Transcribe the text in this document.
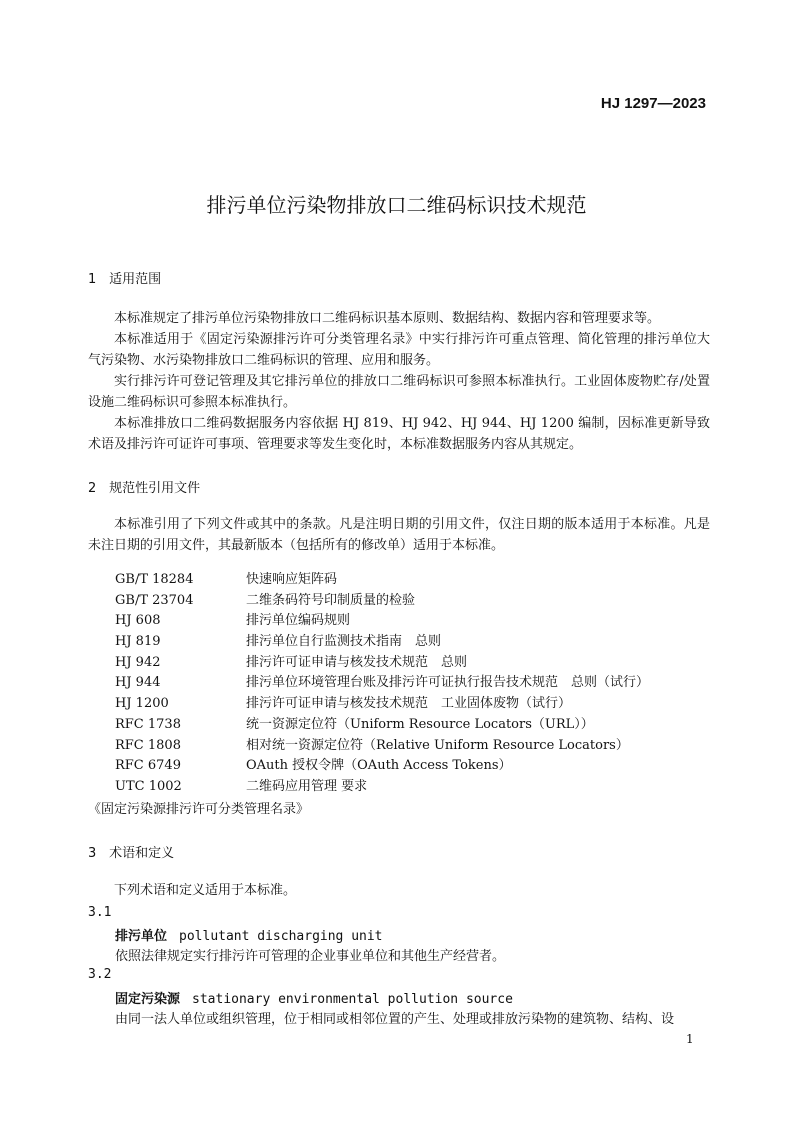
HJ 1297—2023
排污单位污染物排放口二维码标识技术规范
1 适用范围

本标准规定了排污单位污染物排放口二维码标识基本原则、数据结构、数据内容和管理要求等。

本标准适用于《固定污染源排污许可分类管理名录》中实行排污许可重点管理、简化管理的排污单位大气污染物、水污染物排放口二维码标识的管理、应用和服务。

实行排污许可登记管理及其它排污单位的排放口二维码标识可参照本标准执行。工业固体废物贮存/处置设施二维码标识可参照本标准执行。

本标准排放口二维码数据服务内容依据 HJ 819、HJ 942、HJ 944、HJ 1200 编制，因标准更新导致术语及排污许可证许可事项、管理要求等发生变化时，本标准数据服务内容从其规定。

2 规范性引用文件

本标准引用了下列文件或其中的条款。凡是注明日期的引用文件，仅注日期的版本适用于本标准。凡是未注日期的引用文件，其最新版本（包括所有的修改单）适用于本标准。

GB/T 18284	快速响应矩阵码
GB/T 23704	二维条码符号印制质量的检验
HJ 608	排污单位编码规则
HJ 819	排污单位自行监测技术指南　总则
HJ 942	排污许可证申请与核发技术规范　总则
HJ 944	排污单位环境管理台账及排污许可证执行报告技术规范　总则（试行）
HJ 1200	排污许可证申请与核发技术规范　工业固体废物（试行）
RFC 1738	统一资源定位符（Uniform Resource Locators（URL））
RFC 1808	相对统一资源定位符（Relative Uniform Resource Locators）
RFC 6749	OAuth 授权令牌（OAuth Access Tokens）
UTC 1002	二维码应用管理 要求
《固定污染源排污许可分类管理名录》
3 术语和定义

下列术语和定义适用于本标准。

3.1
排污单位 pollutant discharging unit
依照法律规定实行排污许可管理的企业事业单位和其他生产经营者。
3.2
固定污染源 stationary environmental pollution source
由同一法人单位或组织管理，位于相同或相邻位置的产生、处理或排放污染物的建筑物、结构、设
1
